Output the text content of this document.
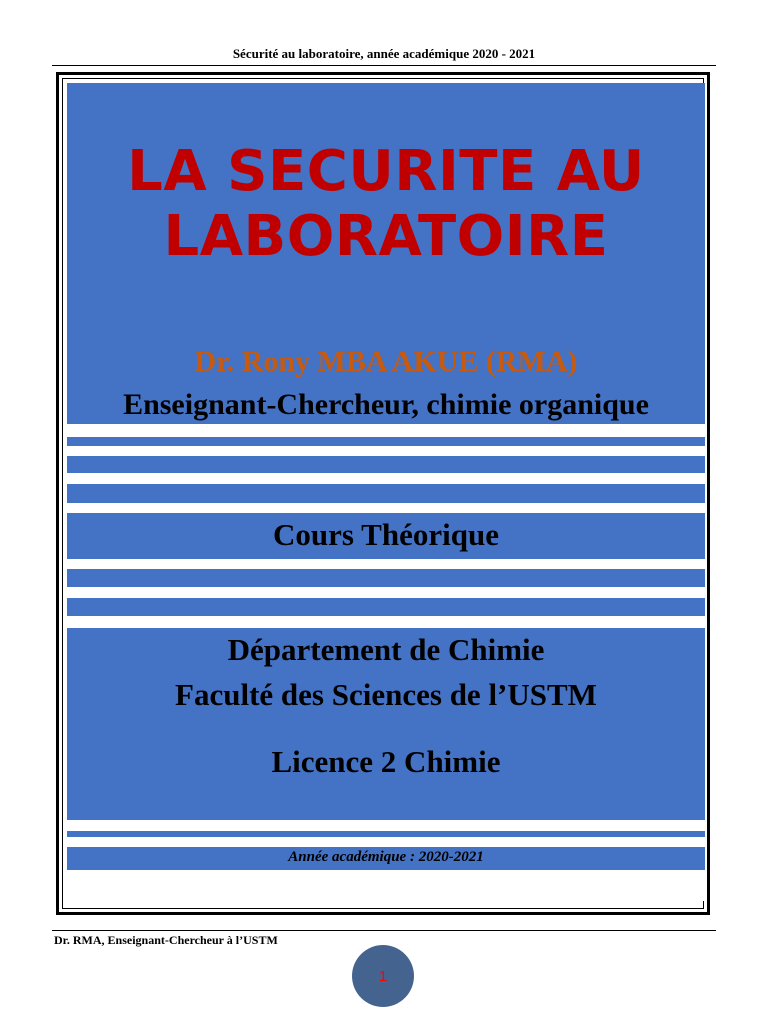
Sécurité au laboratoire, année académique 2020 - 2021
LA SECURITE AU LABORATOIRE
Dr. Rony MBA AKUE (RMA)
Enseignant-Chercheur, chimie organique
Cours Théorique
Département de Chimie
Faculté des Sciences de l’USTM
Licence 2 Chimie
Année académique : 2020-2021
Dr. RMA, Enseignant-Chercheur à l’USTM
1
